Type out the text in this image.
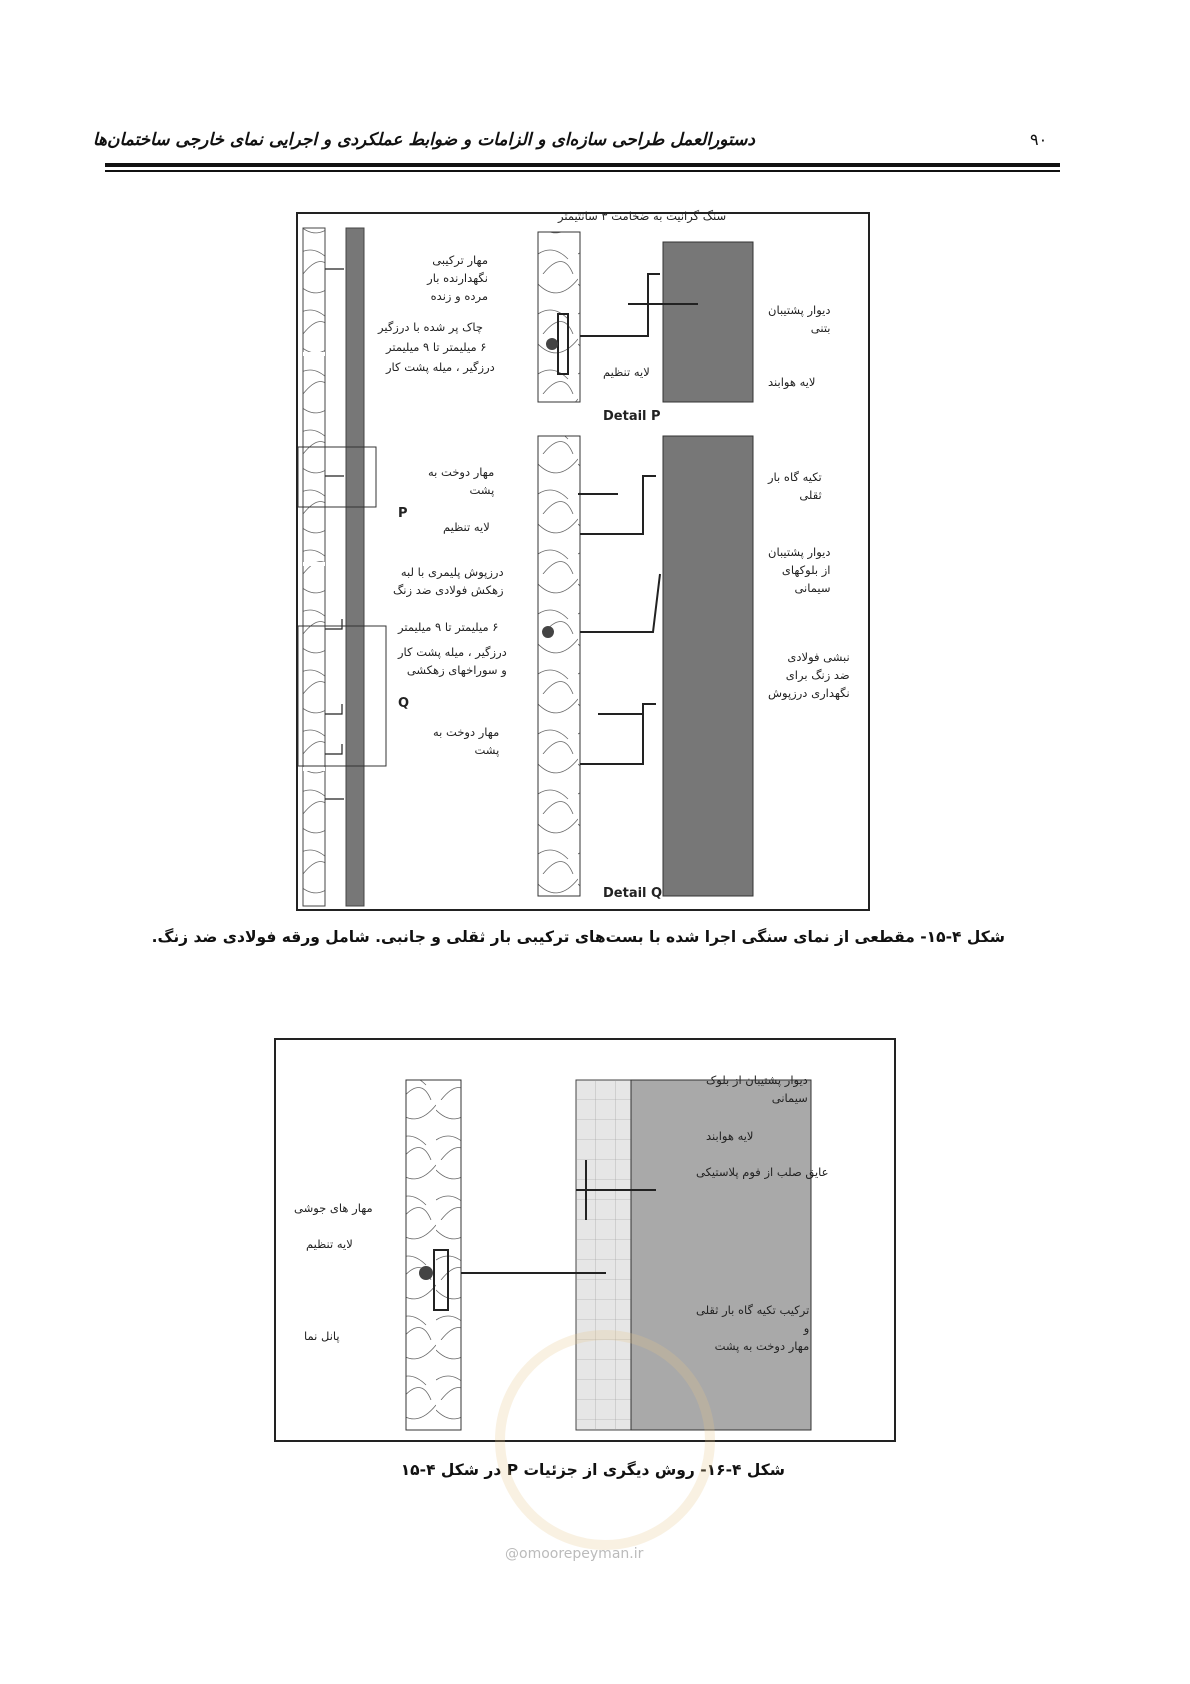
دستورالعمل طراحی سازه‌ای و الزامات و ضوابط عملکردی و اجرایی نمای خارجی ساختمان‌ها	۹۰
سنگ گرانیت به ضخامت ۳ سانتیمتر
مهار ترکیبی
نگهدارنده بار
مرده و زنده
چاک پر شده با درزگیر
۶ میلیمتر تا ۹ میلیمتر
درزگیر ، میله پشت کار	لایه تنظیم
دیوار پشتیبان
بتنی
لایه هوابند
Detail P
مهار دوخت به
پشت
تکیه گاه بار
ثقلی
لایه تنظیم
دیوار پشتیبان
از بلوکهای
سیمانی
درزپوش پلیمری با لبه
زهکش فولادی ضد زنگ
۶ میلیمتر تا ۹ میلیمتر
درزگیر ، میله پشت کار
و سوراخهای زهکشی
نبشی فولادی
ضد زنگ برای
نگهداری درزپوش
مهار دوخت به
پشت
Detail Q
P
Q
شکل ۴-۱۵- مقطعی از نمای سنگی اجرا شده با بست‌های ترکیبی بار ثقلی و جانبی. شامل ورقه فولادی ضد زنگ.
دیوار پشتیبان از بلوک
سیمانی
لایه هوابند
عایق صلب از فوم پلاستیکی
مهار های جوشی
لایه تنظیم
ترکیب تکیه گاه بار ثقلی
و
مهار دوخت به پشت
پانل نما
شکل ۴-۱۶- روش دیگری از جزئیات P در شکل ۴-۱۵
@omoorepeyman.ir
